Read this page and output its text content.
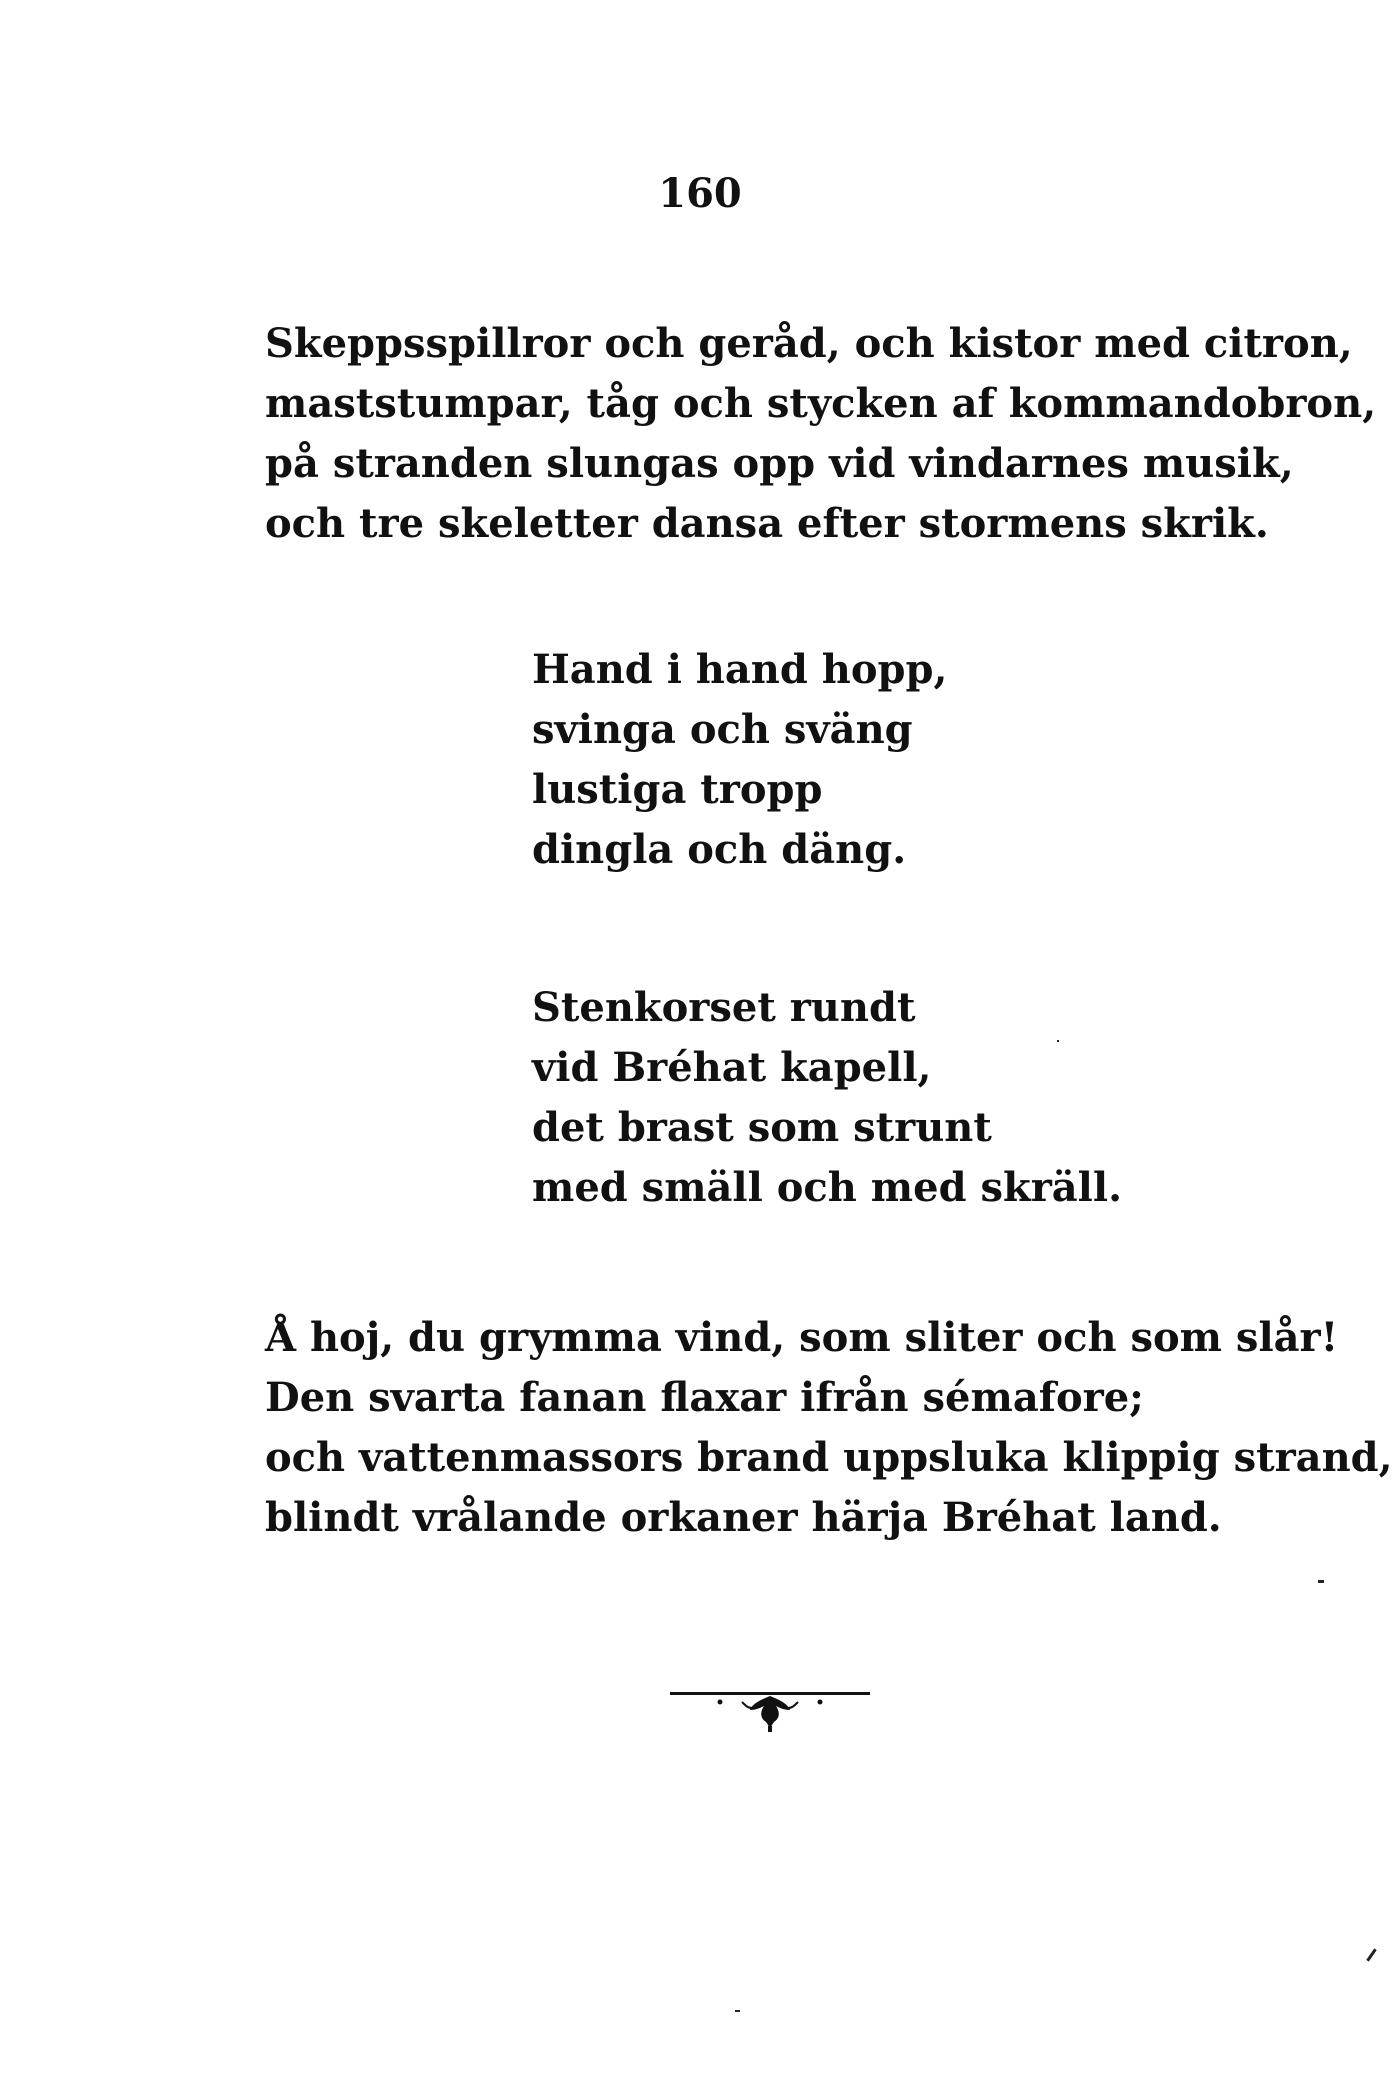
160
Skeppsspillror och geråd, och kistor med citron,
maststumpar, tåg och stycken af kommandobron,
på stranden slungas opp vid vindarnes musik,
och tre skeletter dansa efter stormens skrik.
Hand i hand hopp,
svinga och sväng
lustiga tropp
dingla och däng.
Stenkorset rundt
vid Bréhat kapell,
det brast som strunt
med smäll och med skräll.
Å hoj, du grymma vind, som sliter och som slår!
Den svarta fanan flaxar ifrån sémafore;
och vattenmassors brand uppsluka klippig strand,
blindt vrålande orkaner härja Bréhat land.
